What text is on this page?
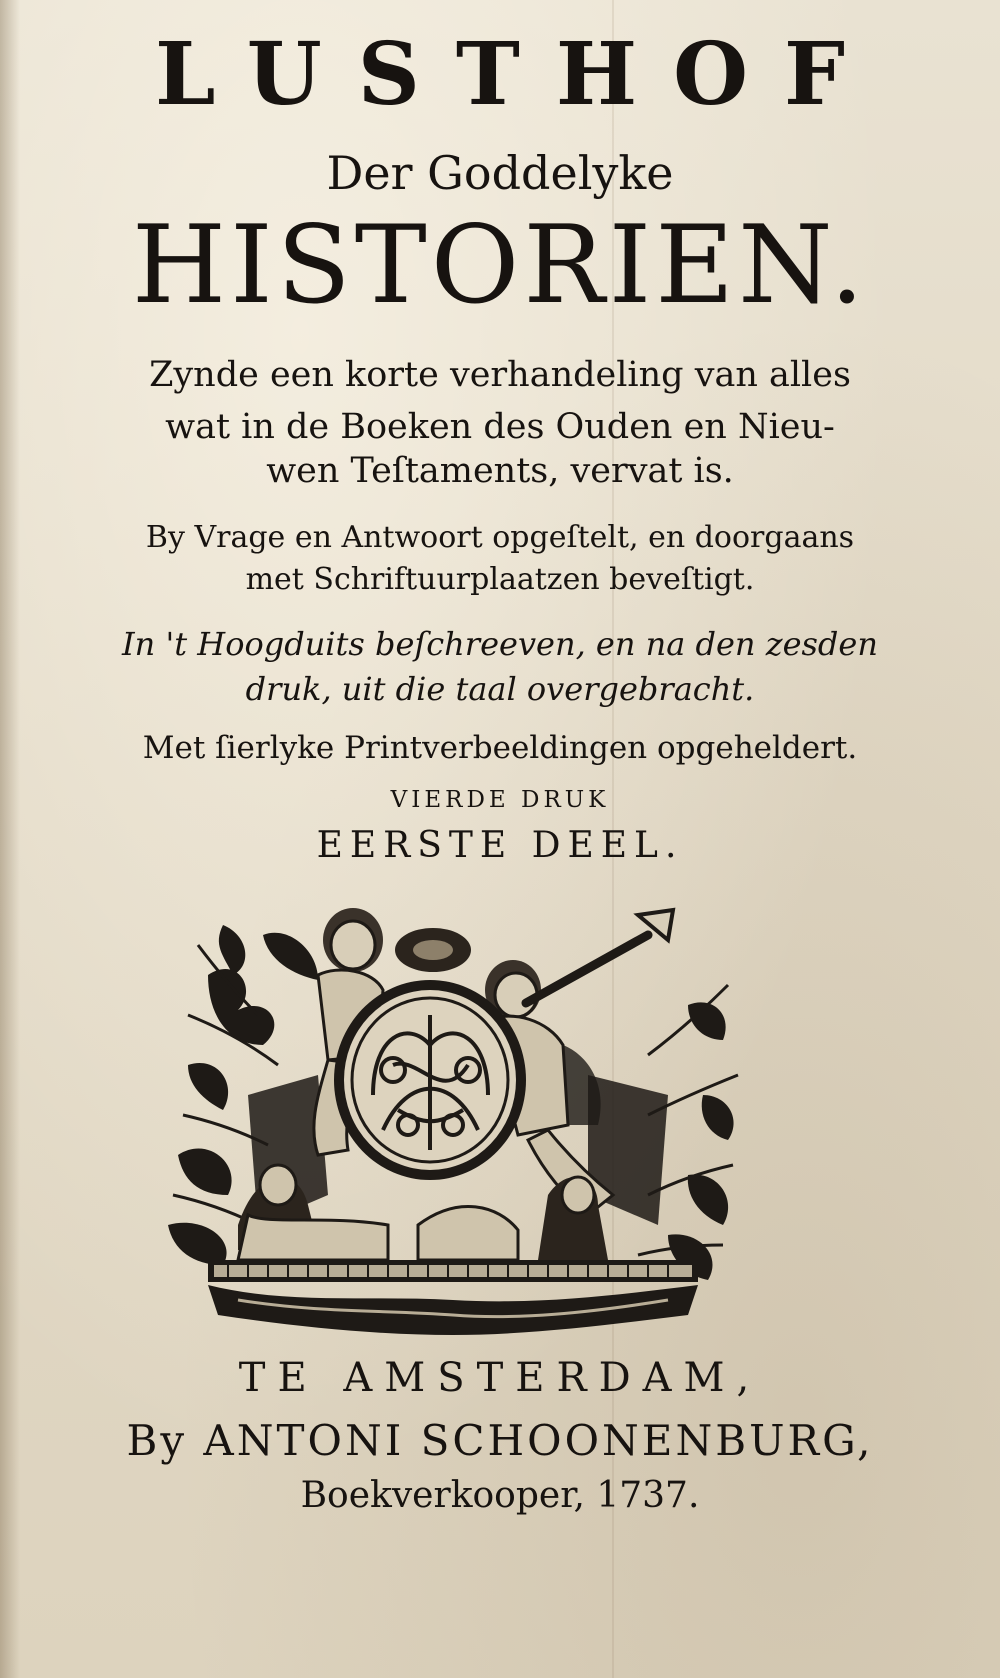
LUSTHOF
Der Goddelyke
HISTORIEN.
Zynde een korte verhandeling van alles
wat in de Boeken des Ouden en Nieu-
wen Teſtaments, vervat is.
By Vrage en Antwoort opgeſtelt, en doorgaans
met Schriftuurplaatzen beveſtigt.
In 't Hoogduits beſchreeven, en na den zesden
druk, uit die taal overgebracht.
Met ſierlyke Printverbeeldingen opgeheldert.
VIERDE DRUK
EERSTE DEEL.
TE AMSTERDAM,
By ANTONI SCHOONENBURG,
Boekverkooper, 1737.
